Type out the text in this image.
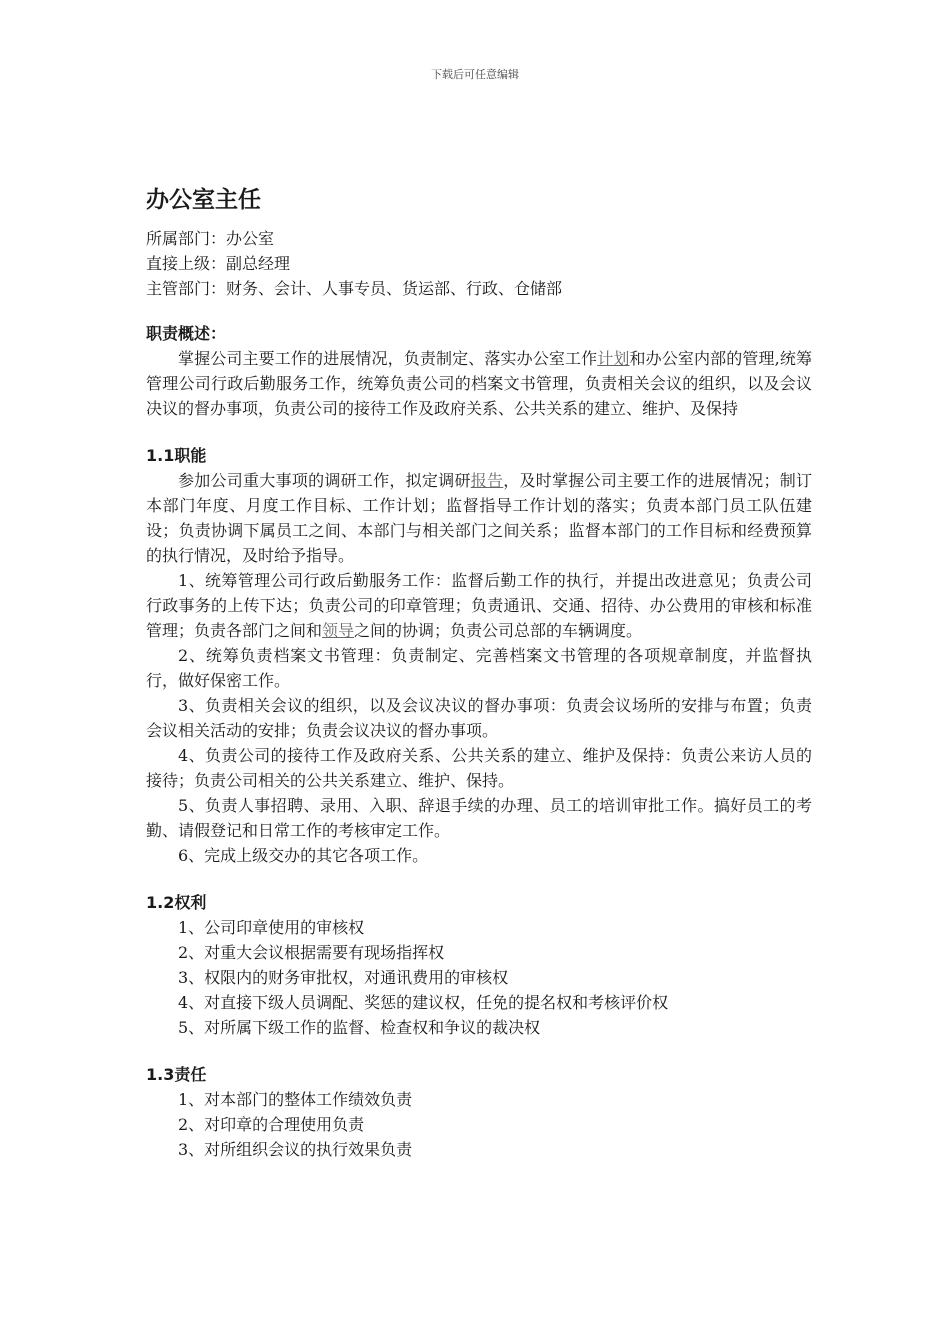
下载后可任意编辑
办公室主任

所属部门：办公室

直接上级：副总经理

主管部门：财务、会计、人事专员、货运部、行政、仓储部

职责概述：

掌握公司主要工作的进展情况，负责制定、落实办公室工作计划和办公室内部的管理,统筹管理公司行政后勤服务工作，统筹负责公司的档案文书管理，负责相关会议的组织，以及会议决议的督办事项，负责公司的接待工作及政府关系、公共关系的建立、维护、及保持

1.1职能

参加公司重大事项的调研工作，拟定调研报告，及时掌握公司主要工作的进展情况；制订本部门年度、月度工作目标、工作计划；监督指导工作计划的落实；负责本部门员工队伍建设；负责协调下属员工之间、本部门与相关部门之间关系；监督本部门的工作目标和经费预算的执行情况，及时给予指导。

1、统筹管理公司行政后勤服务工作：监督后勤工作的执行，并提出改进意见；负责公司行政事务的上传下达；负责公司的印章管理；负责通讯、交通、招待、办公费用的审核和标准管理；负责各部门之间和领导之间的协调；负责公司总部的车辆调度。

2、统筹负责档案文书管理：负责制定、完善档案文书管理的各项规章制度，并监督执行，做好保密工作。

3、负责相关会议的组织，以及会议决议的督办事项：负责会议场所的安排与布置；负责会议相关活动的安排；负责会议决议的督办事项。

4、负责公司的接待工作及政府关系、公共关系的建立、维护及保持：负责公来访人员的接待；负责公司相关的公共关系建立、维护、保持。

5、负责人事招聘、录用、入职、辞退手续的办理、员工的培训审批工作。搞好员工的考勤、请假登记和日常工作的考核审定工作。

6、完成上级交办的其它各项工作。

1.2权利

1、公司印章使用的审核权

2、对重大会议根据需要有现场指挥权

3、权限内的财务审批权，对通讯费用的审核权

4、对直接下级人员调配、奖惩的建议权，任免的提名权和考核评价权

5、对所属下级工作的监督、检查权和争议的裁决权

1.3责任

1、对本部门的整体工作绩效负责

2、对印章的合理使用负责

3、对所组织会议的执行效果负责
